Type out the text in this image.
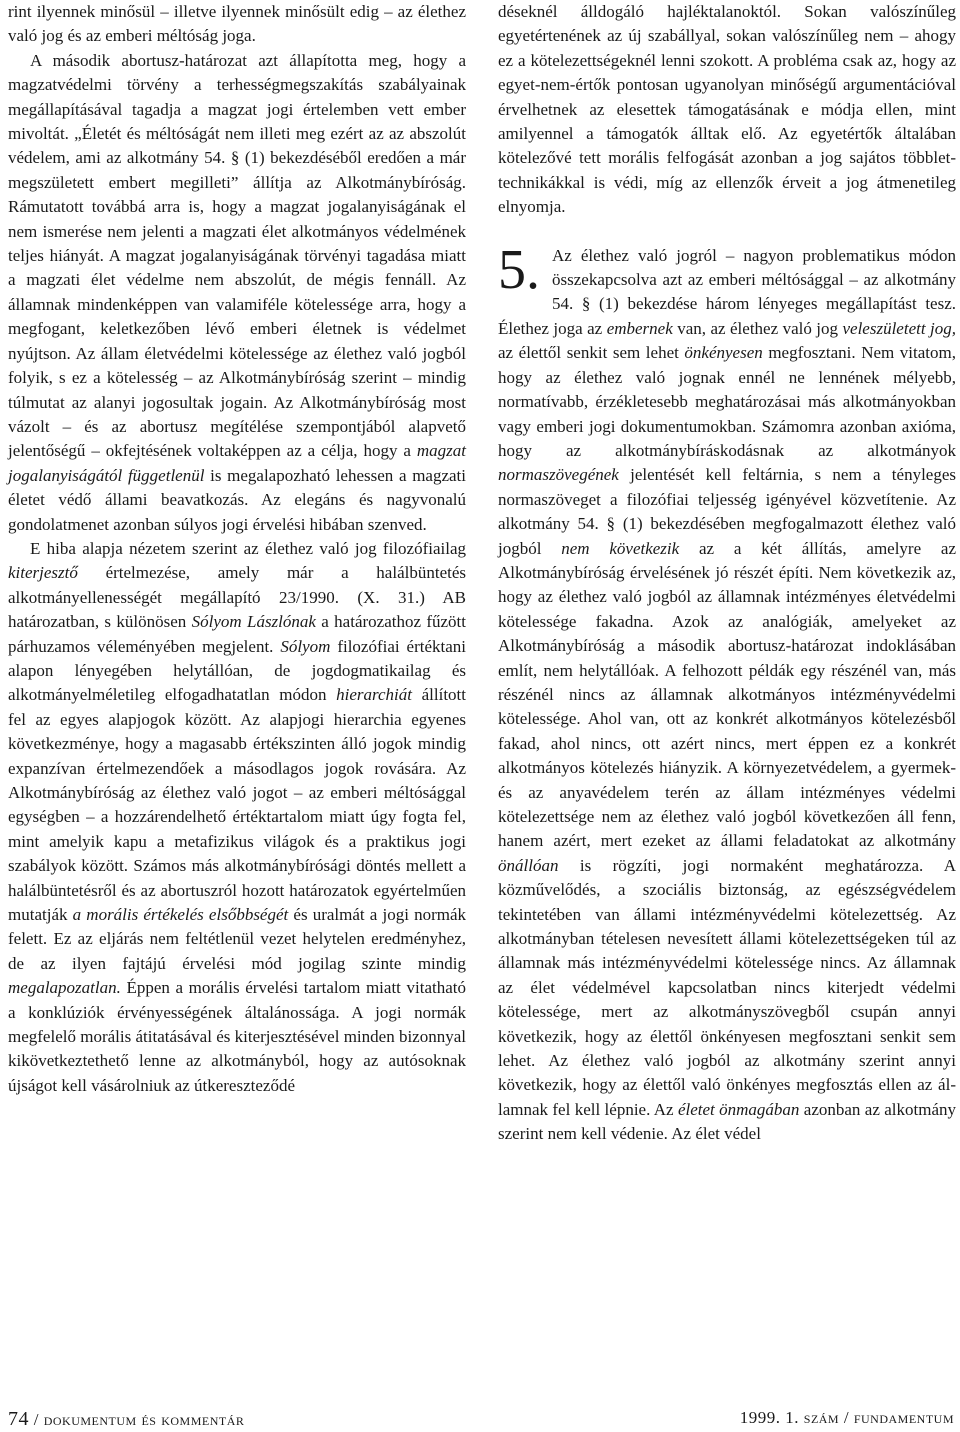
rint ilyennek minősül – illetve ilyennek minősült edig – az élethez való jog és az emberi méltóság joga.

A második abortusz-határozat azt állapította meg, hogy a magzatvédelmi törvény a terhességmegszakítás szabályainak megállapításával tagadja a magzat jogi értelemben vett ember mivoltát. „Életét és méltóságát nem illeti meg ezért az az abszolút védelem, ami az alkotmány 54. § (1) bekezdéséből eredően a már megszületett embert megilleti” állítja az Alkotmánybíróság. Rámutatott továbbá arra is, hogy a magzat jogalanyiságának el nem ismerése nem jelenti a magzati élet alkotmányos védelmének teljes hiányát. A magzat jogalanyiságának törvényi tagadása miatt a magzati élet védelme nem abszolút, de mégis fennáll. Az államnak mindenképpen van valamiféle kötelessége arra, hogy a megfogant, keletkezőben lévő emberi életnek is védelmet nyújtson. Az állam életvédelmi kötelessége az élethez való jogból folyik, s ez a kötelesség – az Alkotmánybíróság szerint – mindig túlmutat az alanyi jogosultak jogain. Az Alkotmánybíróság most vázolt – és az abortusz megítélése szempontjából alapvető jelentőségű – okfejtésének voltaképpen az a célja, hogy a magzat jogalanyiságától függetlenül is megalapozható lehessen a magzati életet védő állami beavatkozás. Az elegáns és nagyvonalú gondolatmenet azonban súlyos jogi érvelési hibában szenved.

E hiba alapja nézetem szerint az élethez való jog filozófiailag kiterjesztő értelmezése, amely már a halálbüntetés alkotmányellenességét megállapító 23/1990. (X. 31.) AB határozatban, s különösen Sólyom Lászlónak a határozathoz fűzött párhuzamos véleményében megjelent. Sólyom filozófiai értéktani alapon lényegében helytállóan, de jogdogmatikailag és alkotmányelméletileg elfogadhatatlan módon hierarchiát állított fel az egyes alapjogok között. Az alapjogi hierarchia egyenes következménye, hogy a magasabb értékszinten álló jogok mindig expanzívan értelmezendőek a másodlagos jogok rovására. Az Alkotmánybíróság az élethez való jogot – az emberi méltósággal egységben – a hozzárendelhető értéktartalom miatt úgy fogta fel, mint amelyik kapu a metafizikus világok és a praktikus jogi szabályok között. Számos más alkotmánybírósági döntés mellett a halálbüntetésről és az abortuszról hozott határozatok egyértelműen mutatják a morális értékelés elsőbbségét és uralmát a jogi normák felett. Ez az eljárás nem feltétlenül vezet helytelen eredményhez, de az ilyen fajtájú érvelési mód jogilag szinte mindig megalapozatlan. Éppen a morális érvelési tartalom miatt vitatható a konklúziók érvényességének általánossága. A jogi normák megfelelő morális átitatásával és kiterjesztésével minden bizonnyal kikövetkeztethető lenne az alkotmányból, hogy az autósoknak újságot kell vásárolniuk az útkereszteződé

déseknél álldogáló hajléktalanoktól. Sokan valószínűleg egyetértenének az új szabállyal, sokan valószínűleg nem – ahogy ez a kötelezettségeknél lenni szokott. A probléma csak az, hogy az egyet-nem-értők pontosan ugyanolyan minőségű argumentációval érvelhetnek az elesettek támogatásának e módja ellen, mint amilyennel a támogatók álltak elő. Az egyetértők általában kötelezővé tett morális felfogását azonban a jog sajátos többlet-technikákkal is védi, míg az ellenzők érveit a jog átmenetileg elnyomja.

5. Az élethez való jogról – nagyon problematikus módon összekapcsolva azt az emberi méltósággal – az alkotmány 54. § (1) bekezdése három lényeges megállapítást tesz. Élethez joga az embernek van, az élethez való jog veleszületett jog, az élettől senkit sem lehet önkényesen megfosztani. Nem vitatom, hogy az élethez való jognak ennél ne lennének mélyebb, normatívabb, érzékletesebb meghatározásai más alkotmányokban vagy emberi jogi dokumentumokban. Számomra azonban axióma, hogy az alkotmánybíráskodásnak az alkotmányok normaszövegének jelentését kell feltárnia, s nem a tényleges normaszöveget a filozófiai teljesség igényével közvetítenie. Az alkotmány 54. § (1) bekezdésében megfogalmazott élethez való jogból nem következik az a két állítás, amelyre az Alkotmánybíróság érvelésének jó részét építi. Nem következik az, hogy az élethez való jogból az államnak intézményes életvédelmi kötelessége fakadna. Azok az analógiák, amelyeket az Alkotmánybíróság a második abortusz-határozat indoklásában említ, nem helytállóak. A felhozott példák egy részénél van, más részénél nincs az államnak alkotmányos intézményvédelmi kötelessége. Ahol van, ott az konkrét alkotmányos kötelezésből fakad, ahol nincs, ott azért nincs, mert éppen ez a konkrét alkotmányos kötelezés hiányzik. A környezetvédelem, a gyermek- és az anyavédelem terén az állam intézményes védelmi kötelezettsége nem az élethez való jogból következően áll fenn, hanem azért, mert ezeket az állami feladatokat az alkotmány önállóan is rögzíti, jogi normaként meghatározza. A közművelődés, a szociális biztonság, az egészségvédelem tekintetében van állami intézményvédelmi kötelezettség. Az alkotmányban tételesen nevesített állami kötelezettségeken túl az államnak más intézményvédelmi kötelessége nincs. Az államnak az élet védelmével kapcsolatban nincs kiterjedt védelmi kötelessége, mert az alkotmányszövegből csupán annyi következik, hogy az élettől önkényesen megfosztani senkit sem lehet. Az élethez való jogból az alkotmány szerint annyi következik, hogy az élettől való önkényes megfosztás ellen az államnak fel kell lépnie. Az életet önmagában azonban az alkotmány szerint nem kell védenie. Az élet védel

74 / dokumentum és kommentár	1999. 1. szám / fundamentum
